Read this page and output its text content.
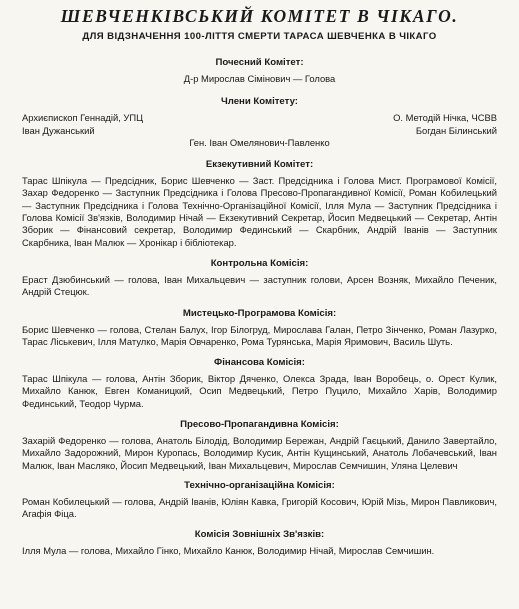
ШЕВЧЕНКІВСЬКИЙ КОМІТЕТ В ЧІКАГО.
ДЛЯ ВІДЗНАЧЕННЯ 100-ЛІТТЯ СМЕРТИ ТАРАСА ШЕВЧЕНКА В ЧІКАГО
Почесний Комітет:
Д-р Мирослав Сімінович — Голова
Члени Комітету:
Архиєпископ Геннадій, УПЦ
Іван Дужанський
О. Методій Нічка, ЧСВВ
Богдан Білинський
Ген. Іван Омелянович-Павленко
Екзекутивний Комітет:
Тарас Шпікула — Предсідник, Борис Шевченко — Заст. Предсідника і Голова Мист. Програмової Комісії, Захар Федоренко — Заступник Предсідника і Голова Пресово-Пропагандивної Комісії, Роман Кобилецький — Заступник Предсідника і Голова Технічно-Організаційної Комісії, Ілля Мула — Заступник Предсідника і Голова Комісії Зв'язків, Володимир Нічай — Екзекутивний Секретар, Йосип Медвецький — Секретар, Антін Зборик — Фінансовий секретар, Володимир Фединський — Скарбник, Андрій Іванів — Заступник Скарбника, Іван Малюк — Хронікар і бібліотекар.
Контрольна Комісія:
Ераст Дзюбинський — голова, Іван Михальцевич — заступник голови, Арсен Возняк, Михайло Печеник, Андрій Стецюк.
Мистецько-Програмова Комісія:
Борис Шевченко — голова, Стелан Балух, Ігор Білогруд, Мирослава Галан, Петро Зінченко, Роман Лазурко, Тарас Ліськевич, Ілля Матулко, Марія Овчаренко, Рома Турянська, Марія Яримович, Василь Шуть.
Фінансова Комісія:
Тарас Шпікула — голова, Антін Зборик, Віктор Дяченко, Олекса Зрада, Іван Воробець, о. Орест Кулик, Михайло Канюк, Евген Команицкий, Осип Медвецький, Петро Пуцило, Михайло Харів, Володимир Фединський, Теодор Чурма.
Пресово-Пропагандивна Комісія:
Захарій Федоренко — голова, Анатоль Білодід, Володимир Бережан, Андрій Гаєцький, Данило Завертайло, Михайло Задорожний, Мирон Куропась, Володимир Кусик, Антін Кущинський, Анатоль Лобачевський, Іван Малюк, Іван Масляко, Йосип Медвецький, Іван Михальцевич, Мирослав Семчишин, Уляна Целевич
Технічно-організаційна Комісія:
Роман Кобилецький — голова, Андрій Іванів, Юліян Кавка, Григорій Косович, Юрій Мізь, Мирон Павликович, Агафія Фіца.
Комісія Зовнішніх Зв'язків:
Ілля Мула — голова, Михайло Гінко, Михайло Канюк, Володимир Нічай, Мирослав Семчишин.
